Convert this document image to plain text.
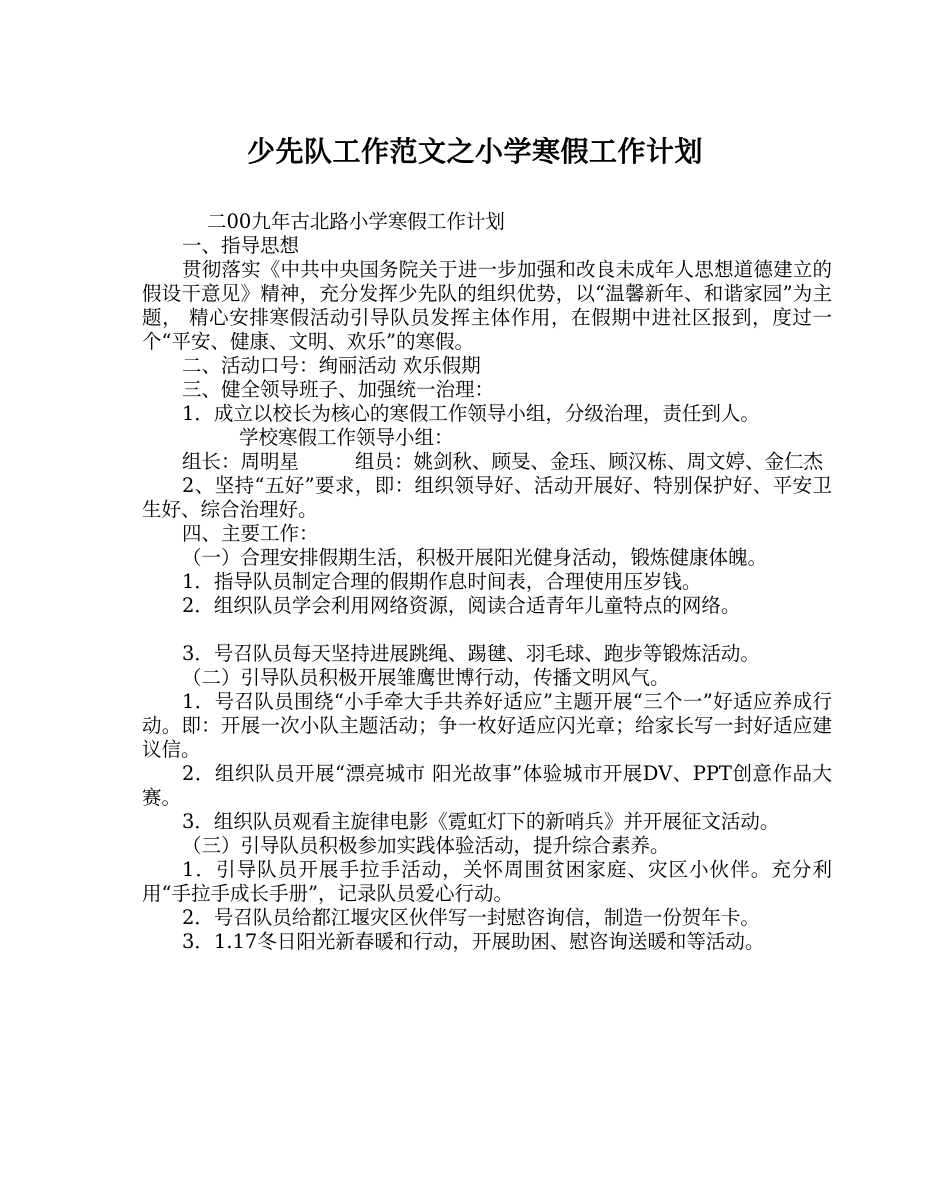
少先队工作范文之小学寒假工作计划

二00九年古北路小学寒假工作计划

一、指导思想

贯彻落实《中共中央国务院关于进一步加强和改良未成年人思想道德建立的假设干意见》精神，充分发挥少先队的组织优势，以“温馨新年、和谐家园”为主题， 精心安排寒假活动引导队员发挥主体作用，在假期中进社区报到，度过一个“平安、健康、文明、欢乐”的寒假。

二、活动口号：绚丽活动 欢乐假期

三、健全领导班子、加强统一治理：

1．成立以校长为核心的寒假工作领导小组，分级治理，责任到人。

学校寒假工作领导小组：

组长：周明星	组员：姚剑秋、顾旻、金珏、顾汉栋、周文婷、金仁杰

2、坚持“五好”要求，即：组织领导好、活动开展好、特别保护好、平安卫生好、综合治理好。

四、主要工作：

（一）合理安排假期生活，积极开展阳光健身活动，锻炼健康体魄。

1．指导队员制定合理的假期作息时间表，合理使用压岁钱。

2．组织队员学会利用网络资源，阅读合适青年儿童特点的网络。

3．号召队员每天坚持进展跳绳、踢毽、羽毛球、跑步等锻炼活动。

（二）引导队员积极开展雏鹰世博行动，传播文明风气。

1．号召队员围绕“小手牵大手共养好适应”主题开展“三个一”好适应养成行动。即：开展一次小队主题活动；争一枚好适应闪光章；给家长写一封好适应建议信。

2．组织队员开展“漂亮城市 阳光故事”体验城市开展DV、PPT创意作品大赛。

3．组织队员观看主旋律电影《霓虹灯下的新哨兵》并开展征文活动。

（三）引导队员积极参加实践体验活动，提升综合素养。

1．引导队员开展手拉手活动，关怀周围贫困家庭、灾区小伙伴。充分利用“手拉手成长手册”，记录队员爱心行动。

2．号召队员给都江堰灾区伙伴写一封慰咨询信，制造一份贺年卡。

3．1.17冬日阳光新春暖和行动，开展助困、慰咨询送暖和等活动。
